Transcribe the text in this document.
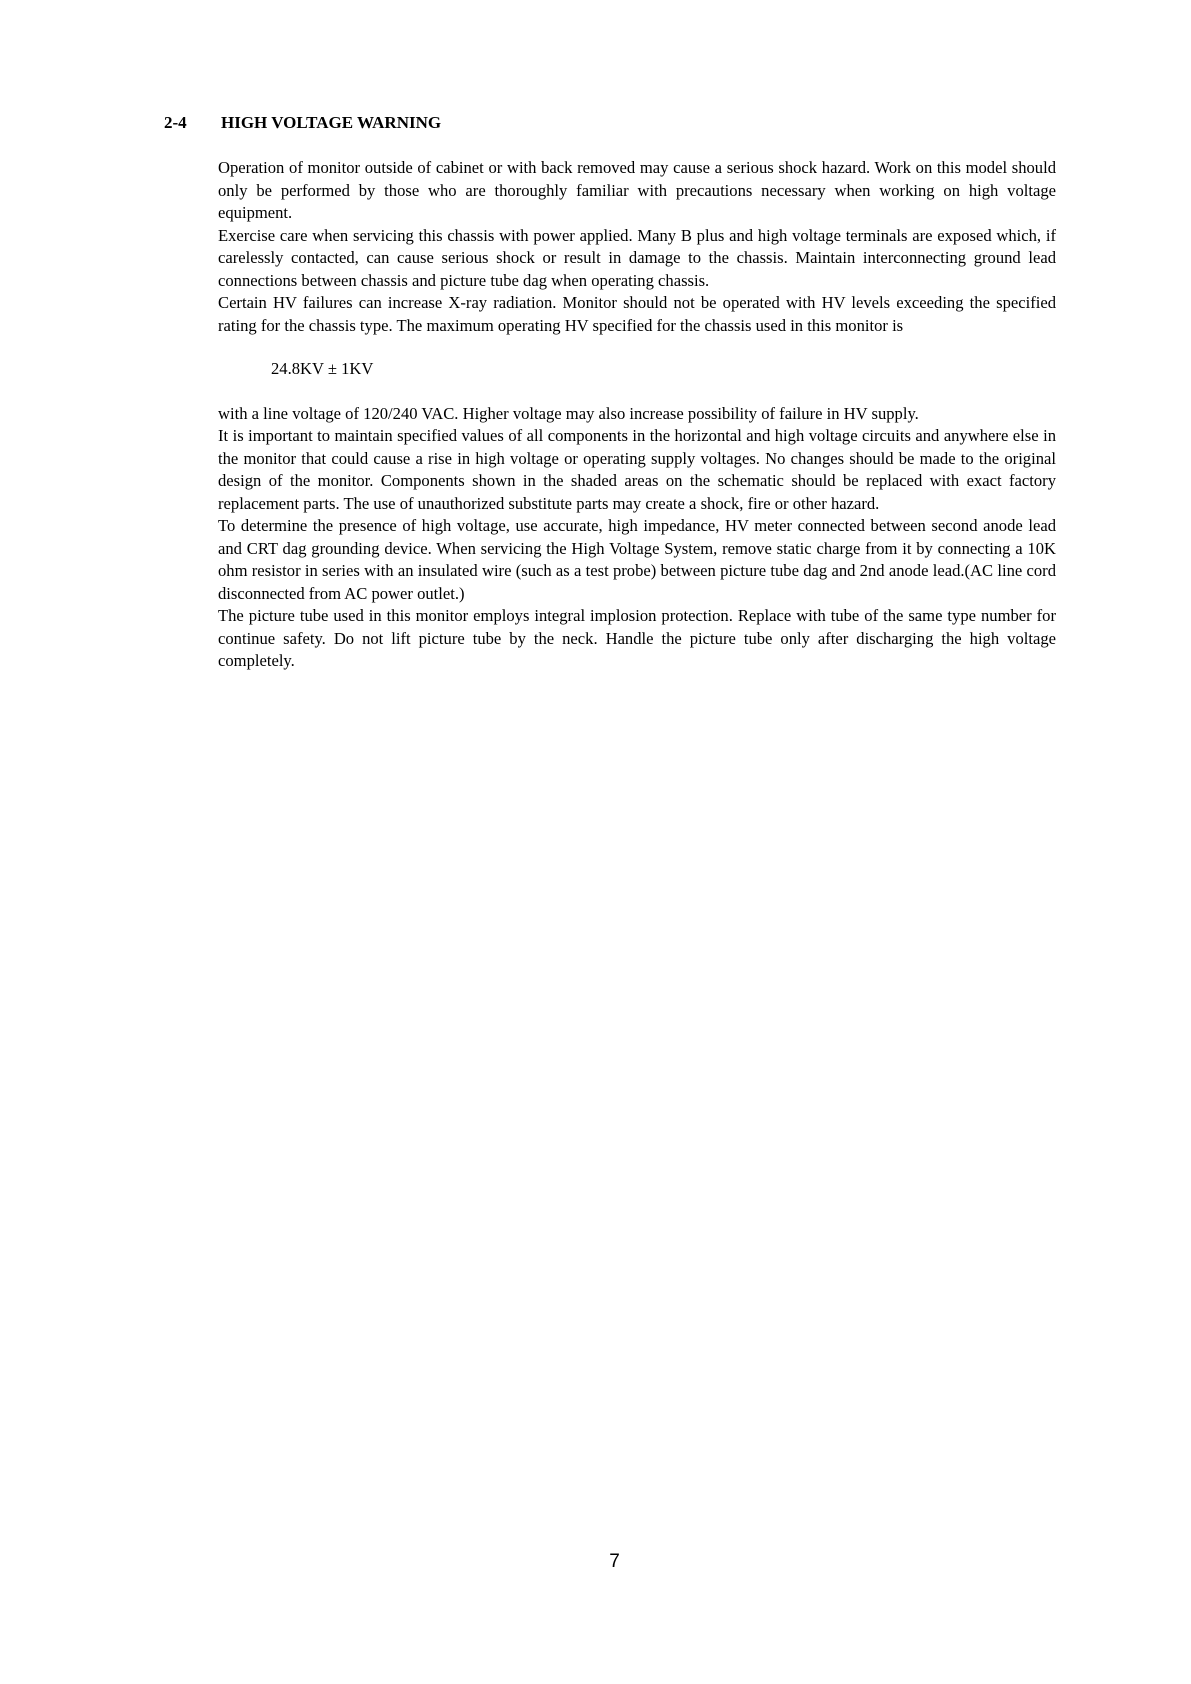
2-4 HIGH VOLTAGE WARNING

Operation of monitor outside of cabinet or with back removed may cause a serious shock hazard. Work on this model should only be performed by those who are thoroughly familiar with precautions necessary when working on high voltage equipment.

Exercise care when servicing this chassis with power applied. Many B plus and high voltage terminals are exposed which, if carelessly contacted, can cause serious shock or result in damage to the chassis. Maintain interconnecting ground lead connections between chassis and picture tube dag when operating chassis.

Certain HV failures can increase X-ray radiation. Monitor should not be operated with HV levels exceeding the specified rating for the chassis type. The maximum operating HV specified for the chassis used in this monitor is

24.8KV ± 1KV

with a line voltage of 120/240 VAC. Higher voltage may also increase possibility of failure in HV supply.

It is important to maintain specified values of all components in the horizontal and high voltage circuits and anywhere else in the monitor that could cause a rise in high voltage or operating supply voltages. No changes should be made to the original design of the monitor. Components shown in the shaded areas on the schematic should be replaced with exact factory replacement parts. The use of unauthorized substitute parts may create a shock, fire or other hazard.

To determine the presence of high voltage, use accurate, high impedance, HV meter connected between second anode lead and CRT dag grounding device. When servicing the High Voltage System, remove static charge from it by connecting a 10K ohm resistor in series with an insulated wire (such as a test probe) between picture tube dag and 2nd anode lead.(AC line cord disconnected from AC power outlet.)

The picture tube used in this monitor employs integral implosion protection. Replace with tube of the same type number for continue safety. Do not lift picture tube by the neck. Handle the picture tube only after discharging the high voltage completely.

7
